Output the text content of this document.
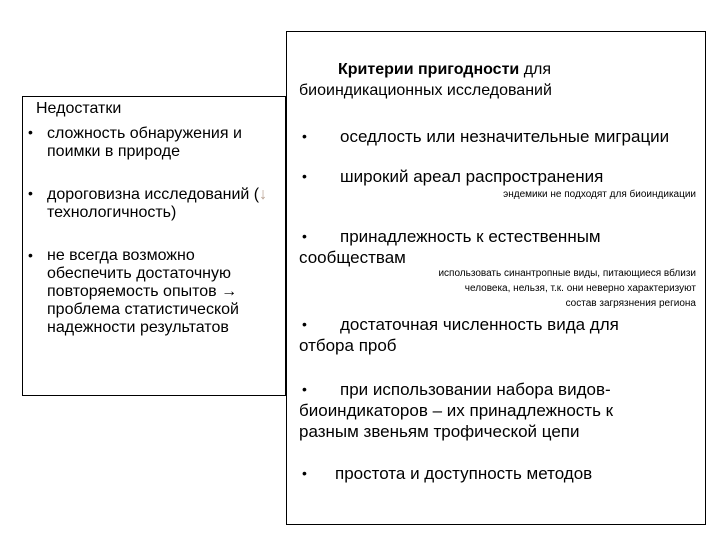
Недостатки
• сложность обнаружения и
поимки в природе
• дороговизна исследований (↓
технологичность)
• не всегда возможно
обеспечить достаточную
повторяемость опытов →
проблема статистической
надежности результатов
Критерии пригодности для
биоиндикационных исследований
• оседлость или незначительные миграции
• широкий ареал распространения
эндемики не подходят для биоиндикации
• принадлежность к естественным
сообществам
использовать синантропные виды, питающиеся вблизи
человека, нельзя, т.к. они неверно характеризуют
состав загрязнения региона
• достаточная численность вида для
отбора проб
• при использовании набора видов-
биоиндикаторов – их принадлежность к
разным звеньям трофической цепи
• простота и доступность методов
